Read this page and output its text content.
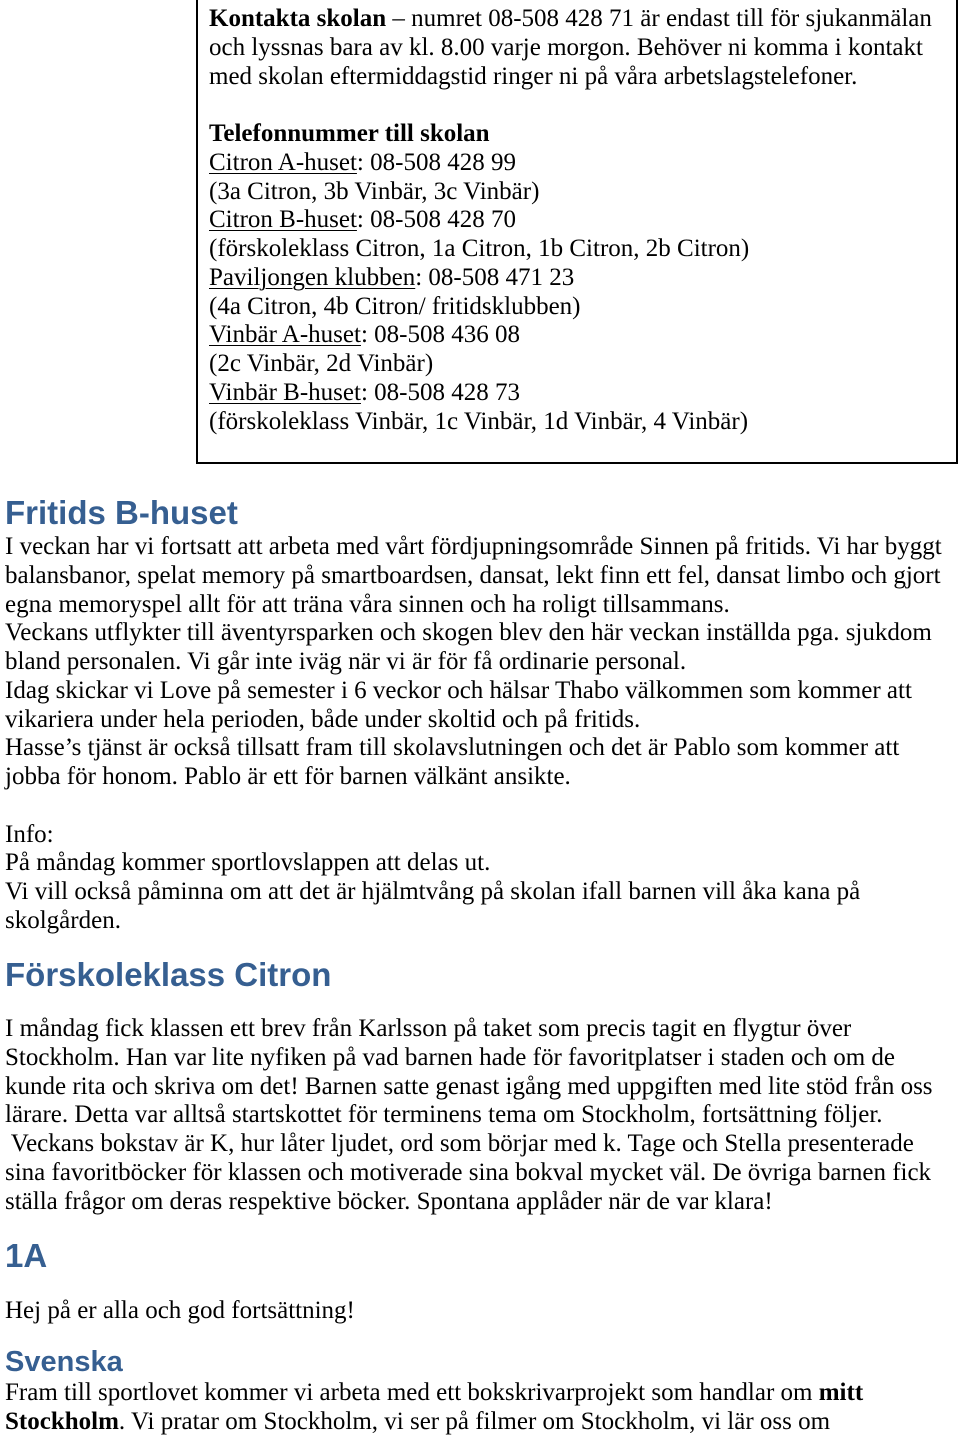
Kontakta skolan – numret 08-508 428 71 är endast till för sjukanmälan
och lyssnas bara av kl. 8.00 varje morgon. Behöver ni komma i kontakt
med skolan eftermiddagstid ringer ni på våra arbetslagstelefoner.
Telefonnummer till skolan
Citron A-huset: 08-508 428 99
(3a Citron, 3b Vinbär, 3c Vinbär)
Citron B-huset: 08-508 428 70
(förskoleklass Citron, 1a Citron, 1b Citron, 2b Citron)
Paviljongen klubben: 08-508 471 23
(4a Citron, 4b Citron/ fritidsklubben)
Vinbär A-huset: 08-508 436 08
(2c Vinbär, 2d Vinbär)
Vinbär B-huset: 08-508 428 73
(förskoleklass Vinbär, 1c Vinbär, 1d Vinbär, 4 Vinbär)
Fritids B-huset
I veckan har vi fortsatt att arbeta med vårt fördjupningsområde Sinnen på fritids. Vi har byggt
balansbanor, spelat memory på smartboardsen, dansat, lekt finn ett fel, dansat limbo och gjort
egna memoryspel allt för att träna våra sinnen och ha roligt tillsammans.
Veckans utflykter till äventyrsparken och skogen blev den här veckan inställda pga. sjukdom
bland personalen. Vi går inte iväg när vi är för få ordinarie personal.
Idag skickar vi Love på semester i 6 veckor och hälsar Thabo välkommen som kommer att
vikariera under hela perioden, både under skoltid och på fritids.
Hasse’s tjänst är också tillsatt fram till skolavslutningen och det är Pablo som kommer att
jobba för honom. Pablo är ett för barnen välkänt ansikte.
Info:
På måndag kommer sportlovslappen att delas ut.
Vi vill också påminna om att det är hjälmtvång på skolan ifall barnen vill åka kana på
skolgården.
Förskoleklass Citron
I måndag fick klassen ett brev från Karlsson på taket som precis tagit en flygtur över
Stockholm. Han var lite nyfiken på vad barnen hade för favoritplatser i staden och om de
kunde rita och skriva om det! Barnen satte genast igång med uppgiften med lite stöd från oss
lärare. Detta var alltså startskottet för terminens tema om Stockholm, fortsättning följer.
Veckans bokstav är K, hur låter ljudet, ord som börjar med k. Tage och Stella presenterade
sina favoritböcker för klassen och motiverade sina bokval mycket väl. De övriga barnen fick
ställa frågor om deras respektive böcker. Spontana applåder när de var klara!
1A
Hej på er alla och god fortsättning!
Svenska
Fram till sportlovet kommer vi arbeta med ett bokskrivarprojekt som handlar om mitt
Stockholm. Vi pratar om Stockholm, vi ser på filmer om Stockholm, vi lär oss om
